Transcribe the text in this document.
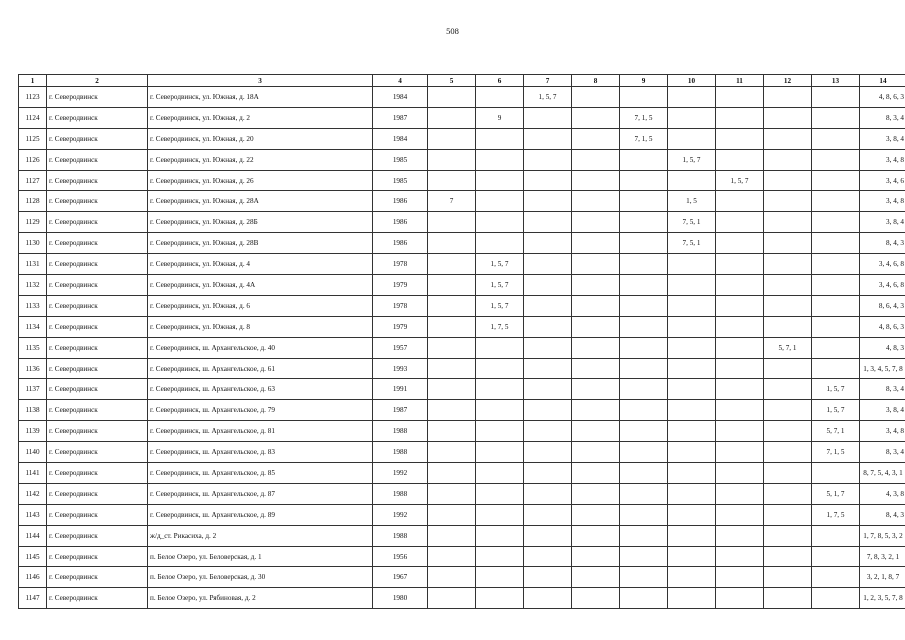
508
1	2	3	4	5	6	7	8	9	10	11	12	13	14
1123	г. Северодвинск	г. Северодвинск, ул. Южная, д. 18А	1984			1, 5, 7							4, 8, 6, 3
1124	г. Северодвинск	г. Северодвинск, ул. Южная, д. 2	1987		9			7, 1, 5					8, 3, 4
1125	г. Северодвинск	г. Северодвинск, ул. Южная, д. 20	1984					7, 1, 5					3, 8, 4
1126	г. Северодвинск	г. Северодвинск, ул. Южная, д. 22	1985						1, 5, 7				3, 4, 8
1127	г. Северодвинск	г. Северодвинск, ул. Южная, д. 26	1985							1, 5, 7			3, 4, 6
1128	г. Северодвинск	г. Северодвинск, ул. Южная, д. 28А	1986	7					1, 5				3, 4, 8
1129	г. Северодвинск	г. Северодвинск, ул. Южная, д. 28Б	1986						7, 5, 1				3, 8, 4
1130	г. Северодвинск	г. Северодвинск, ул. Южная, д. 28В	1986						7, 5, 1				8, 4, 3
1131	г. Северодвинск	г. Северодвинск, ул. Южная, д. 4	1978		1, 5, 7								3, 4, 6, 8
1132	г. Северодвинск	г. Северодвинск, ул. Южная, д. 4А	1979		1, 5, 7								3, 4, 6, 8
1133	г. Северодвинск	г. Северодвинск, ул. Южная, д. 6	1978		1, 5, 7								8, 6, 4, 3
1134	г. Северодвинск	г. Северодвинск, ул. Южная, д. 8	1979		1, 7, 5								4, 8, 6, 3
1135	г. Северодвинск	г. Северодвинск, ш. Архангельское, д. 40	1957								5, 7, 1		4, 8, 3
1136	г. Северодвинск	г. Северодвинск, ш. Архангельское, д. 61	1993										1, 3, 4, 5, 7, 8
1137	г. Северодвинск	г. Северодвинск, ш. Архангельское, д. 63	1991									1, 5, 7	8, 3, 4
1138	г. Северодвинск	г. Северодвинск, ш. Архангельское, д. 79	1987									1, 5, 7	3, 8, 4
1139	г. Северодвинск	г. Северодвинск, ш. Архангельское, д. 81	1988									5, 7, 1	3, 4, 8
1140	г. Северодвинск	г. Северодвинск, ш. Архангельское, д. 83	1988									7, 1, 5	8, 3, 4
1141	г. Северодвинск	г. Северодвинск, ш. Архангельское, д. 85	1992										8, 7, 5, 4, 3, 1
1142	г. Северодвинск	г. Северодвинск, ш. Архангельское, д. 87	1988									5, 1, 7	4, 3, 8
1143	г. Северодвинск	г. Северодвинск, ш. Архангельское, д. 89	1992									1, 7, 5	8, 4, 3
1144	г. Северодвинск	ж/д_ст. Рикасиха, д. 2	1988										1, 7, 8, 5, 3, 2
1145	г. Северодвинск	п. Белое Озеро, ул. Беловерская, д. 1	1956										7, 8, 3, 2, 1
1146	г. Северодвинск	п. Белое Озеро, ул. Беловерская, д. 30	1967										3, 2, 1, 8, 7
1147	г. Северодвинск	п. Белое Озеро, ул. Рябиновая, д. 2	1980										1, 2, 3, 5, 7, 8
